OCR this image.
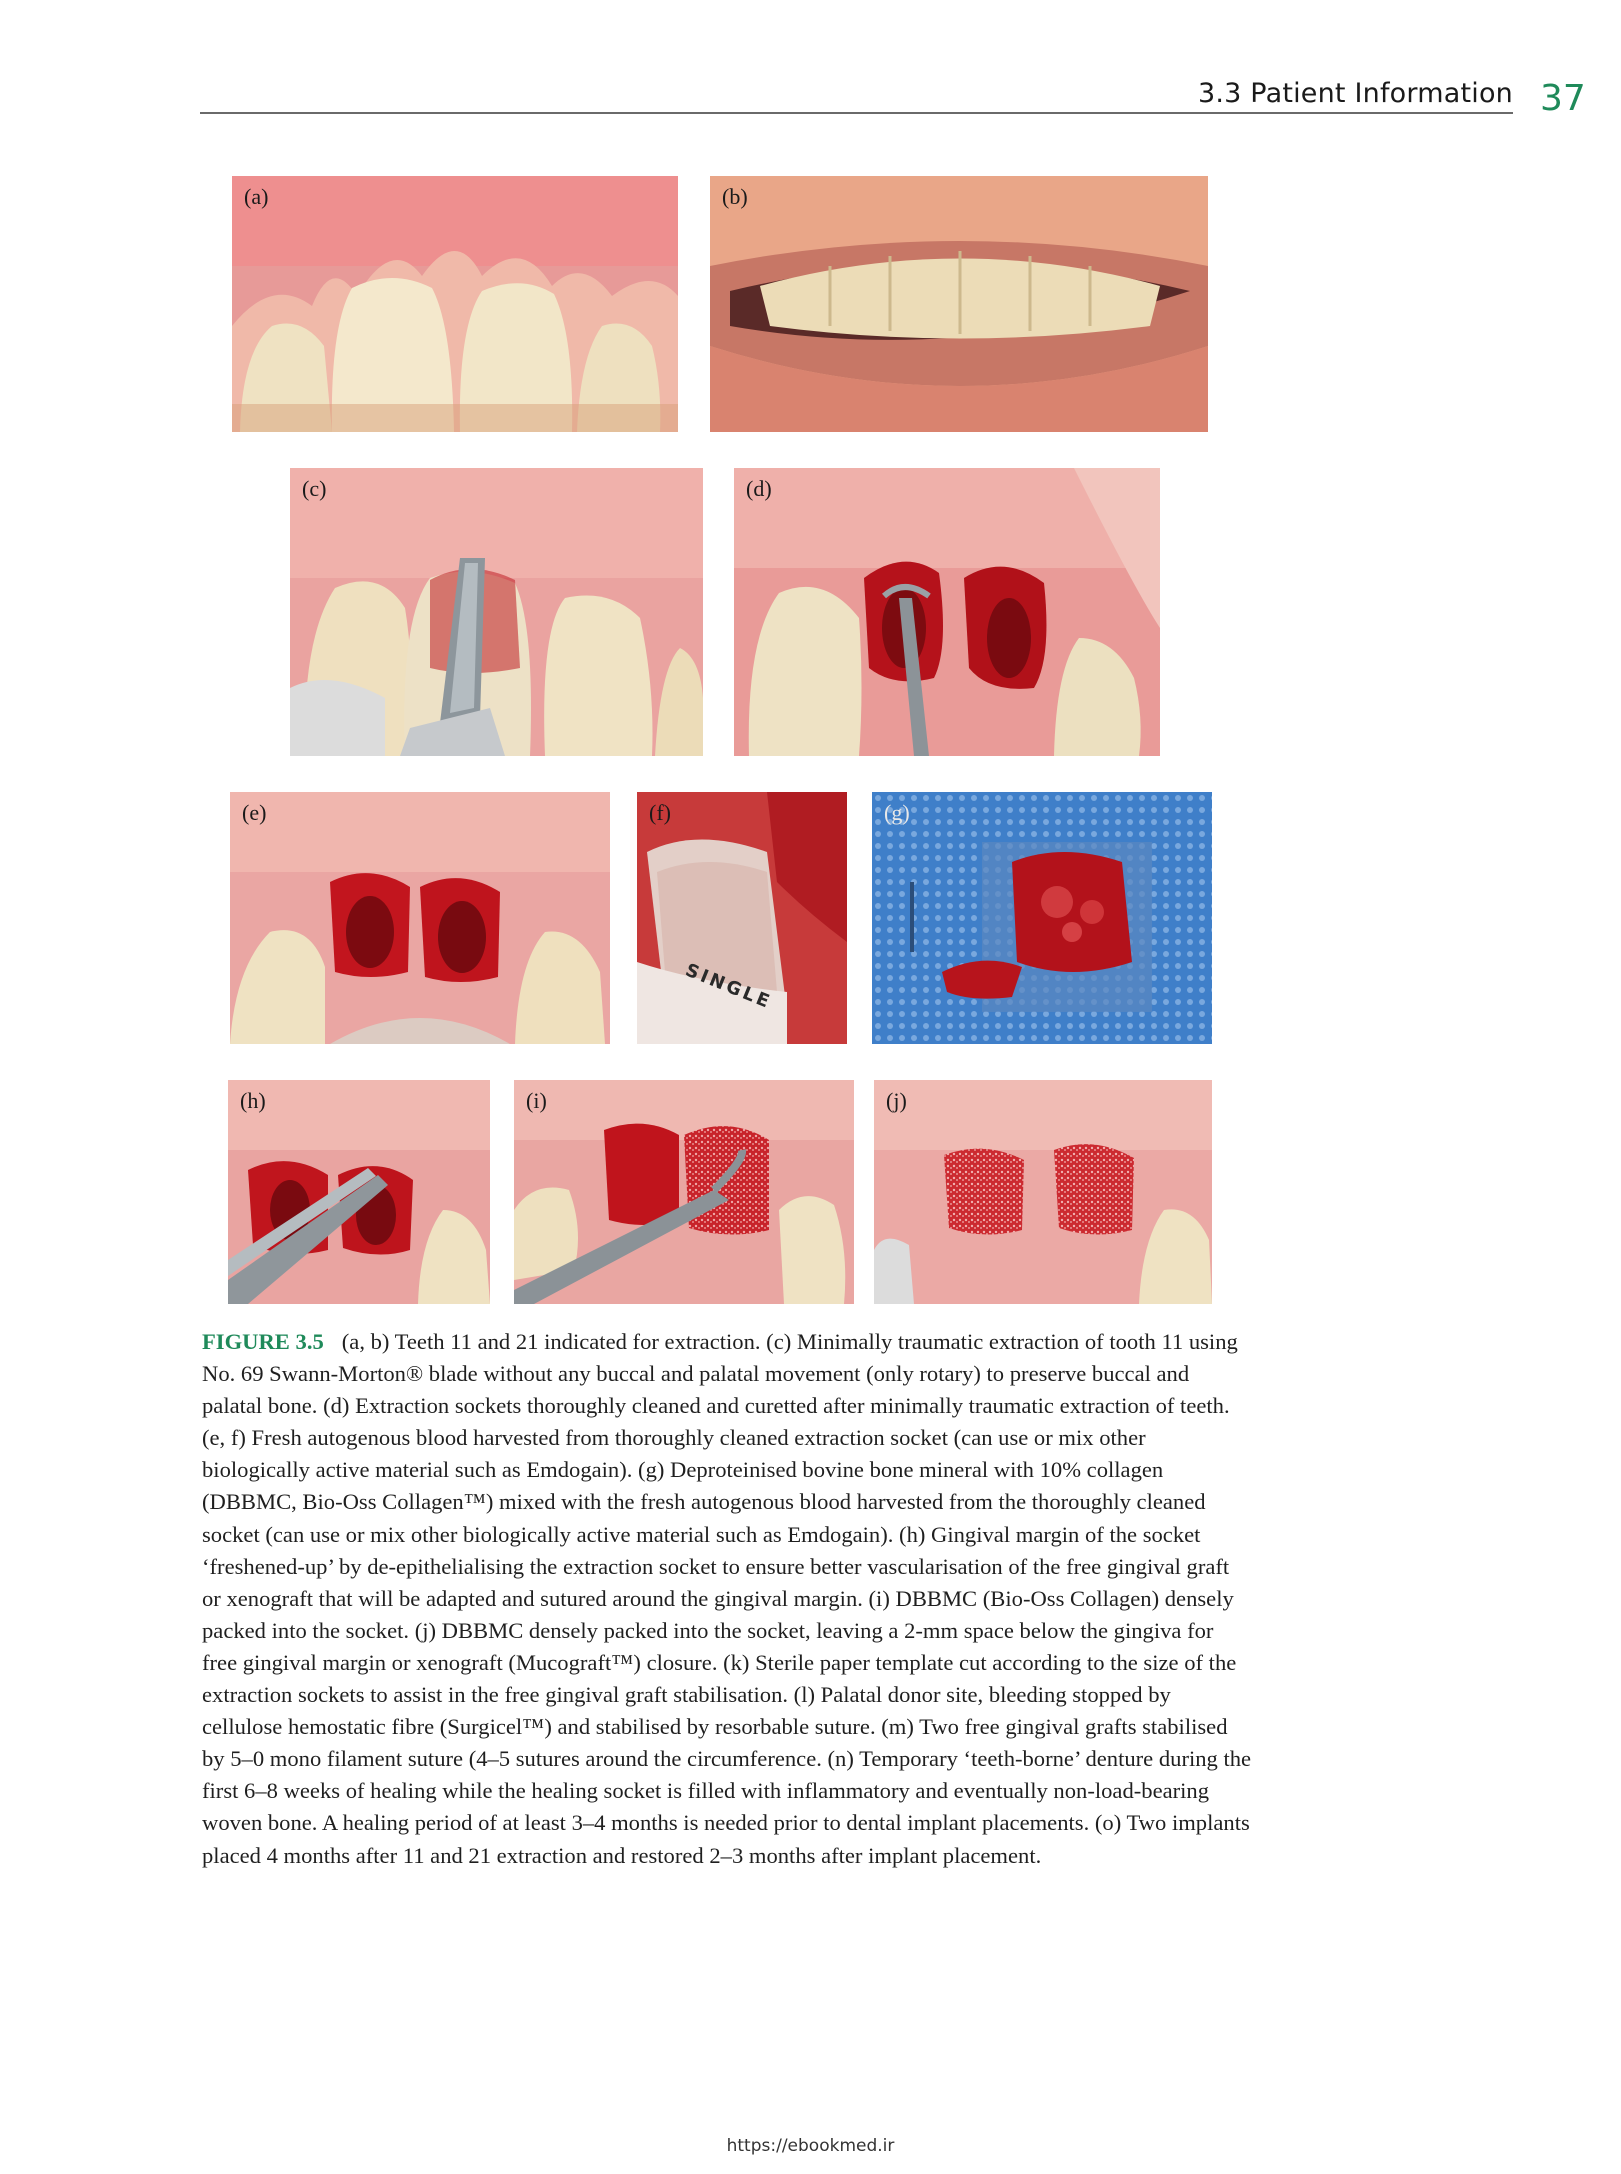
3.3 Patient Information 37
(a)	(b)
(c)	(d)
(e)	(f)
SINGLE
(g)
(h)	(i)	(j)
FIGURE 3.5 (a, b) Teeth 11 and 21 indicated for extraction. (c) Minimally traumatic extraction of tooth 11 using No. 69 Swann-Morton® blade without any buccal and palatal movement (only rotary) to preserve buccal and palatal bone. (d) Extraction sockets thoroughly cleaned and curetted after minimally traumatic extraction of teeth. (e, f) Fresh autogenous blood harvested from thoroughly cleaned extraction socket (can use or mix other biologically active material such as Emdogain). (g) Deproteinised bovine bone mineral with 10% collagen (DBBMC, Bio-Oss Collagen™) mixed with the fresh autogenous blood harvested from the thoroughly cleaned socket (can use or mix other biologically active material such as Emdogain). (h) Gingival margin of the socket ‘freshened-up’ by de-epithelialising the extraction socket to ensure better vascularisation of the free gingival graft or xenograft that will be adapted and sutured around the gingival margin. (i) DBBMC (Bio-Oss Collagen) densely packed into the socket. (j) DBBMC densely packed into the socket, leaving a 2-mm space below the gingiva for free gingival margin or xenograft (Mucograft™) closure. (k) Sterile paper template cut according to the size of the extraction sockets to assist in the free gingival graft stabilisation. (l) Palatal donor site, bleeding stopped by cellulose hemostatic fibre (Surgicel™) and stabilised by resorbable suture. (m) Two free gingival grafts stabilised by 5–0 mono filament suture (4–5 sutures around the circumference. (n) Temporary ‘teeth-borne’ denture during the first 6–8 weeks of healing while the healing socket is filled with inflammatory and eventually non-load-bearing woven bone. A healing period of at least 3–4 months is needed prior to dental implant placements. (o) Two implants placed 4 months after 11 and 21 extraction and restored 2–3 months after implant placement.
https://ebookmed.ir
